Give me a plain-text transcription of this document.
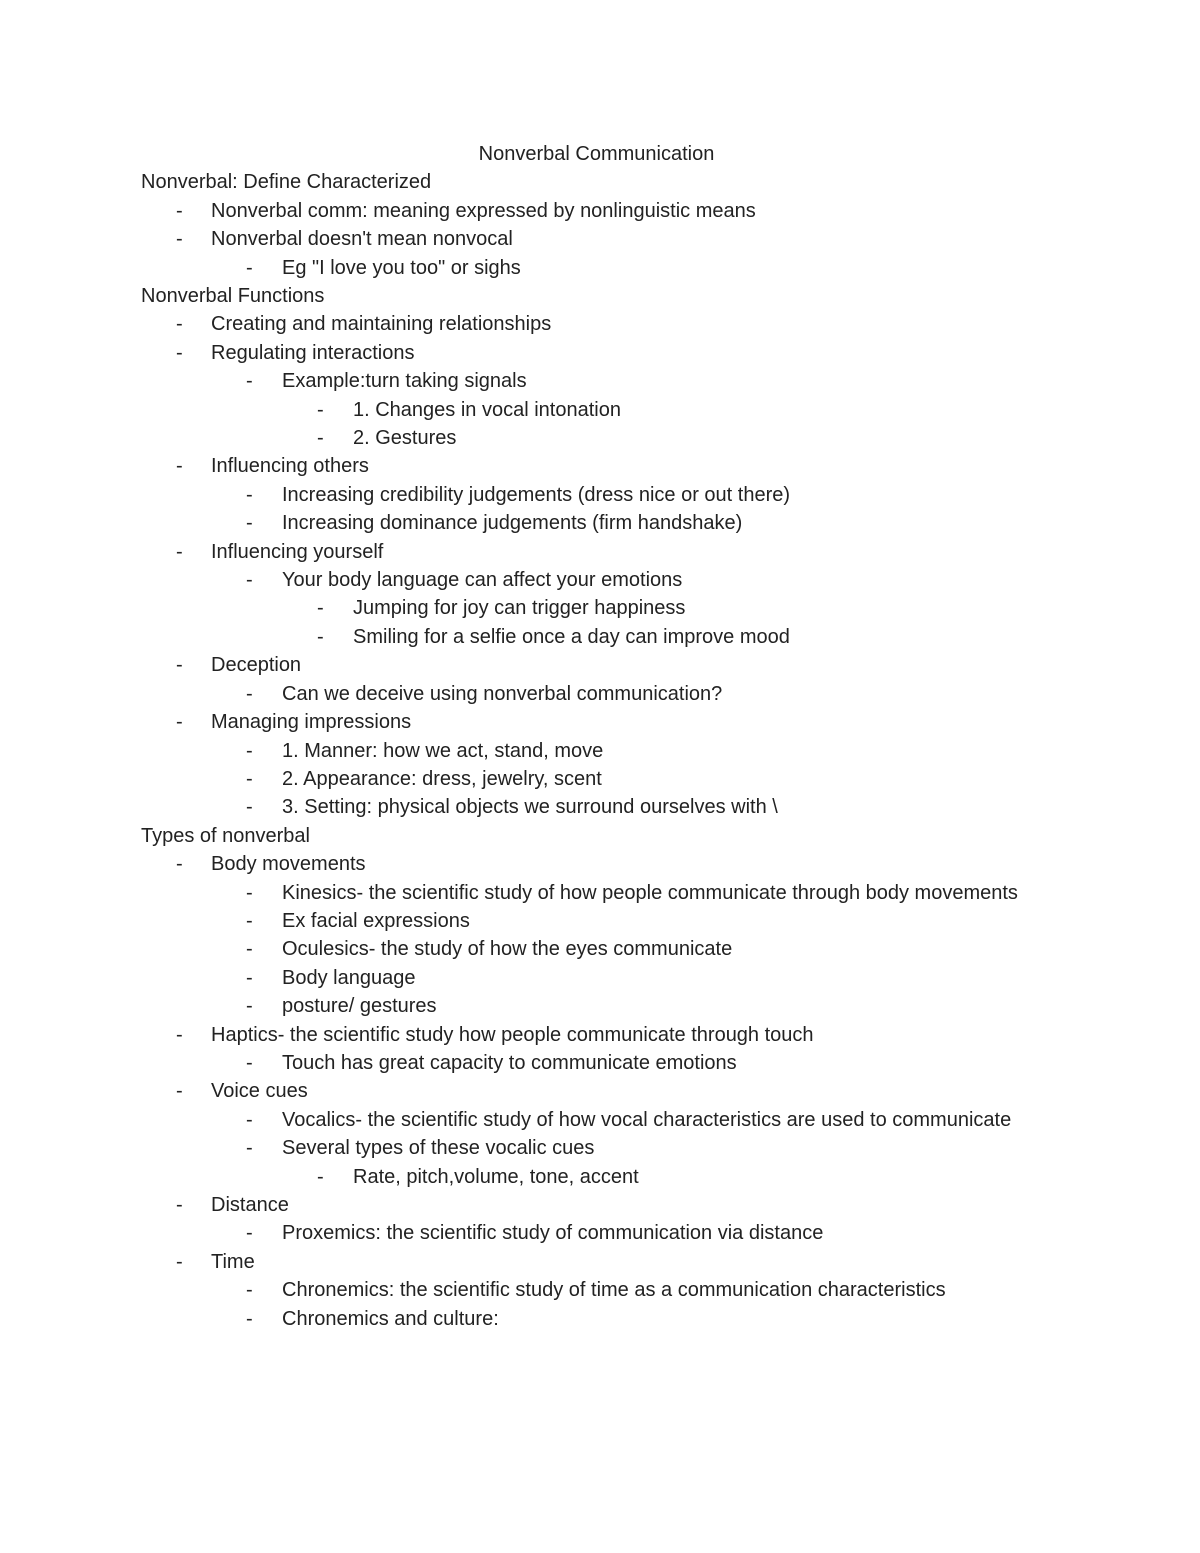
Nonverbal Communication
Nonverbal: Define Characterized
- Nonverbal comm: meaning expressed by nonlinguistic means
- Nonverbal doesn't mean nonvocal
- Eg "I love you too" or sighs
Nonverbal Functions
- Creating and maintaining relationships
- Regulating interactions
- Example:turn taking signals
- 1. Changes in vocal intonation
- 2. Gestures
- Influencing others
- Increasing credibility judgements (dress nice or out there)
- Increasing dominance judgements (firm handshake)
- Influencing yourself
- Your body language can affect your emotions
- Jumping for joy can trigger happiness
- Smiling for a selfie once a day can improve mood
- Deception
- Can we deceive using nonverbal communication?
- Managing impressions
- 1. Manner: how we act, stand, move
- 2. Appearance: dress, jewelry, scent
- 3. Setting: physical objects we surround ourselves with \
Types of nonverbal
- Body movements
- Kinesics- the scientific study of how people communicate through body movements
- Ex facial expressions
- Oculesics- the study of how the eyes communicate
- Body language
- posture/ gestures
- Haptics- the scientific study how people communicate through touch
- Touch has great capacity to communicate emotions
- Voice cues
- Vocalics- the scientific study of how vocal characteristics are used to communicate
- Several types of these vocalic cues
- Rate, pitch,volume, tone, accent
- Distance
- Proxemics: the scientific study of communication via distance
- Time
- Chronemics: the scientific study of time as a communication characteristics
- Chronemics and culture:
